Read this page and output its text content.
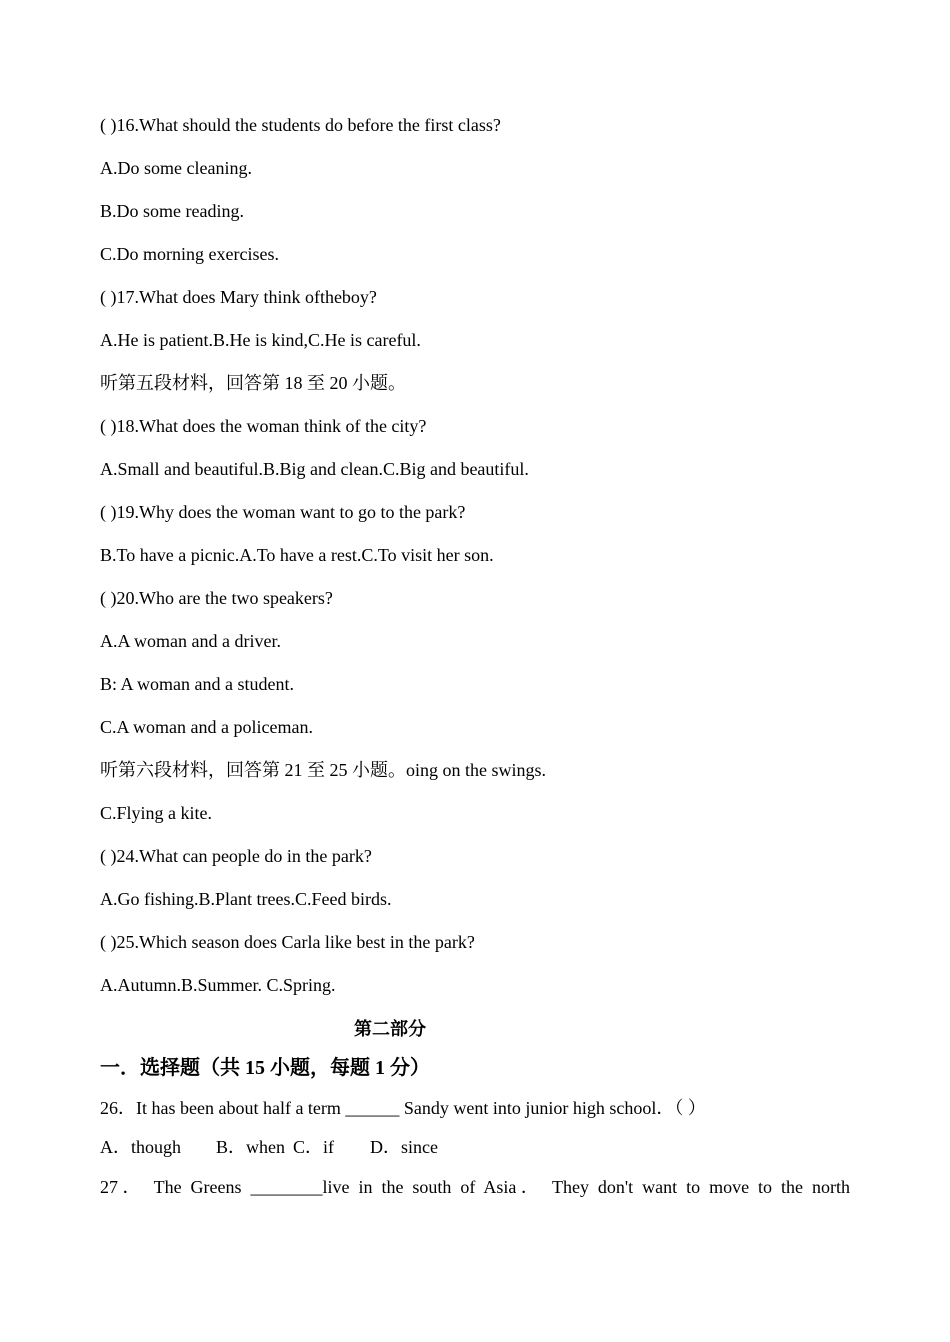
( )16.What should the students do before the first class?

A.Do some cleaning.

B.Do some reading.

C.Do morning exercises.

( )17.What does Mary think oftheboy?

A.He is patient.B.He is kind,C.He is careful.

听第五段材料，回答第 18 至 20 小题。

( )18.What does the woman think of the city?

A.Small and beautiful.B.Big and clean.C.Big and beautiful.

( )19.Why does the woman want to go to the park?

B.To have a picnic.A.To have a rest.C.To visit her son.

( )20.Who are the two speakers?

A.A woman and a driver.

B: A woman and a student.

C.A woman and a policeman.

听第六段材料，回答第 21 至 25 小题。oing on the swings.

C.Flying a kite.

( )24.What can people do in the park?

A.Go fishing.B.Plant trees.C.Feed birds.

( )25.Which season does Carla like best in the park?

A.Autumn.B.Summer. C.Spring.

第二部分

一．选择题（共 15 小题，每题 1 分）

26．It has been about half a term ______ Sandy went into junior high school．（ ）

A．though B．when C．if D．since

27． The Greens ________live in the south of Asia． They don't want to move to the north
